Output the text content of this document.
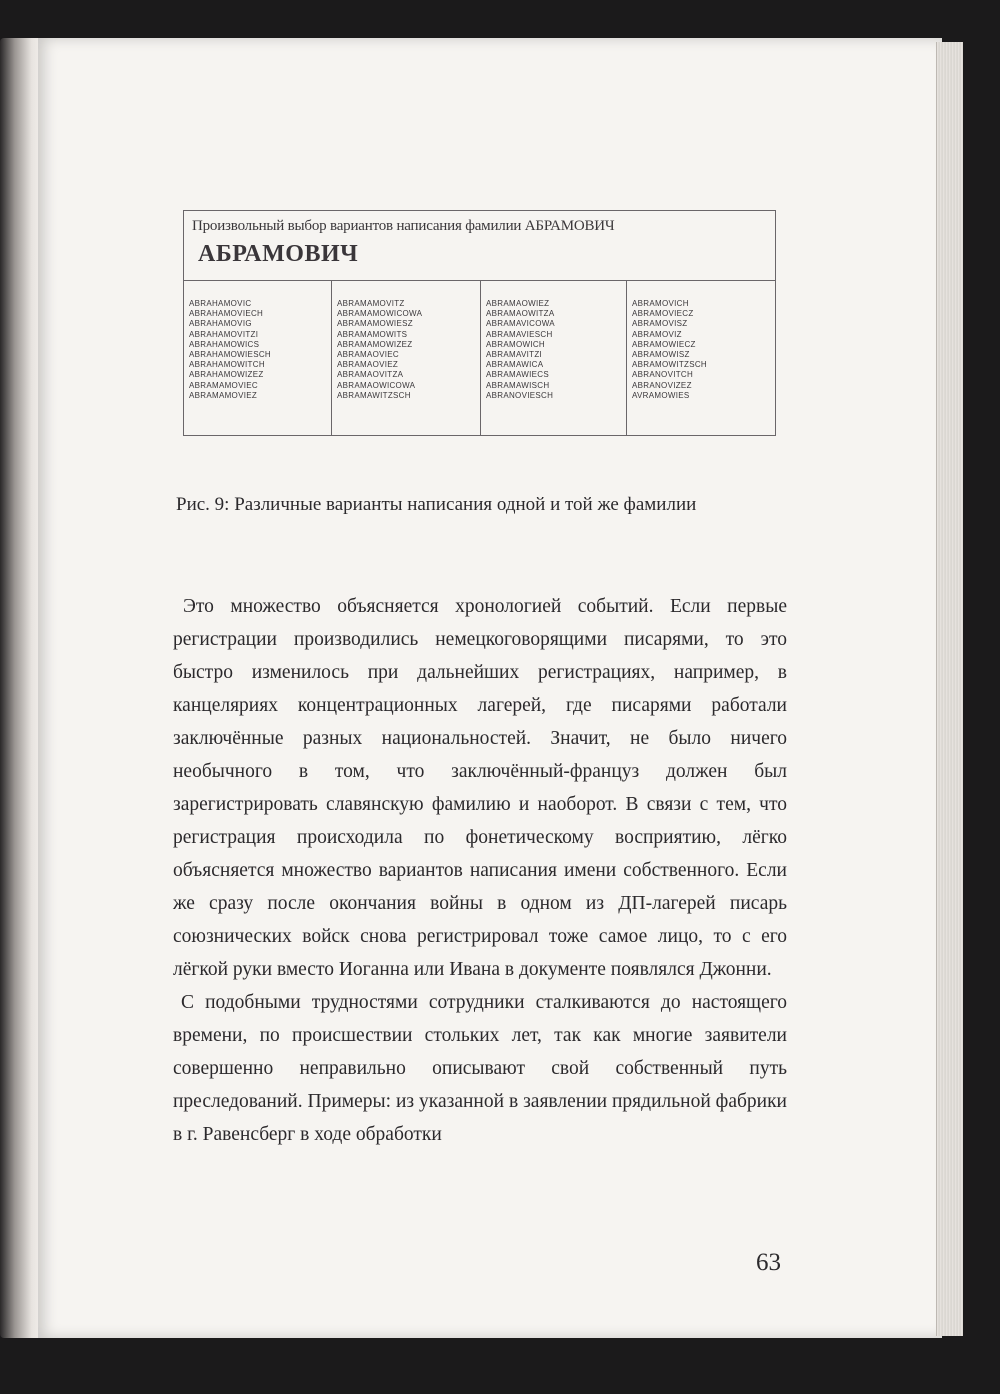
Произвольный выбор вариантов написания фамилии АБРАМОВИЧ
АБРАМОВИЧ
ABRAHAMOVIC
ABRAHAMOVIECH
ABRAHAMOVIG
ABRAHAMOVITZI
ABRAHAMOWICS
ABRAHAMOWIESCH
ABRAHAMOWITCH
ABRAHAMOWIZEZ
ABRAMAMOVIEC
ABRAMAMOVIEZ
ABRAMAMOVITZ
ABRAMAMOWICOWA
ABRAMAMOWIESZ
ABRAMAMOWITS
ABRAMAMOWIZEZ
ABRAMAOVIEC
ABRAMAOVIEZ
ABRAMAOVITZA
ABRAMAOWICOWA
ABRAMAWITZSCH
ABRAMAOWIEZ
ABRAMAOWITZA
ABRAMAVICOWA
ABRAMAVIESCH
ABRAMOWICH
ABRAMAVITZI
ABRAMAWICA
ABRAMAWIECS
ABRAMAWISCH
ABRANOVIESCH
ABRAMOVICH
ABRAMOVIECZ
ABRAMOVISZ
ABRAMOVIZ
ABRAMOWIECZ
ABRAMOWISZ
ABRAMOWITZSCH
ABRANOVITCH
ABRANOVIZEZ
AVRAMOWIES
Рис. 9: Различные варианты написания одной и той же фамилии

Это множество объясняется хронологией событий. Если первые регистрации производились немецкоговорящими писарями, то это быстро изменилось при дальнейших регистрациях, например, в канцеляриях концентрационных лагерей, где писарями работали заключённые разных национальностей. Значит, не было ничего необычного в том, что заключённый-француз должен был зарегистрировать славянскую фамилию и наоборот. В связи с тем, что регистрация происходила по фонетическому восприятию, лёгко объясняется множество вариантов написания имени собственного. Если же сразу после окончания войны в одном из ДП-лагерей писарь союзнических войск снова регистрировал тоже самое лицо, то с его лёгкой руки вместо Иоганна или Ивана в документе появлялся Джонни.

С подобными трудностями сотрудники сталкиваются до настоящего времени, по происшествии стольких лет, так как многие заявители совершенно неправильно описывают свой собственный путь преследований. Примеры: из указанной в заявлении прядильной фабрики в г. Равенсберг в ходе обработки

63
